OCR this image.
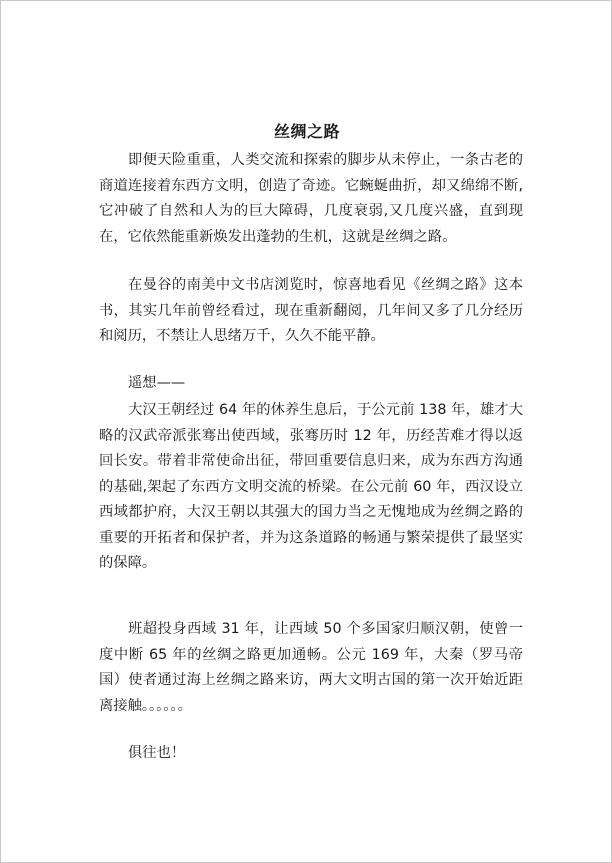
丝绸之路

即便天险重重，人类交流和探索的脚步从未停止，一条古老的商道连接着东西方文明，创造了奇迹。它蜿蜒曲折，却又绵绵不断,它冲破了自然和人为的巨大障碍，几度衰弱,又几度兴盛，直到现在，它依然能重新焕发出蓬勃的生机，这就是丝绸之路。

在曼谷的南美中文书店浏览时，惊喜地看见《丝绸之路》这本书，其实几年前曾经看过，现在重新翻阅，几年间又多了几分经历和阅历，不禁让人思绪万千，久久不能平静。

遥想——

大汉王朝经过 64 年的休养生息后，于公元前 138 年，雄才大略的汉武帝派张骞出使西域，张骞历时 12 年，历经苦难才得以返回长安。带着非常使命出征，带回重要信息归来，成为东西方沟通的基础,架起了东西方文明交流的桥梁。在公元前 60 年，西汉设立西域都护府，大汉王朝以其强大的国力当之无愧地成为丝绸之路的重要的开拓者和保护者，并为这条道路的畅通与繁荣提供了最坚实的保障。

班超投身西域 31 年，让西域 50 个多国家归顺汉朝，使曾一度中断 65 年的丝绸之路更加通畅。公元 169 年，大秦（罗马帝国）使者通过海上丝绸之路来访，两大文明古国的第一次开始近距离接触。。。。。。

俱往也！
